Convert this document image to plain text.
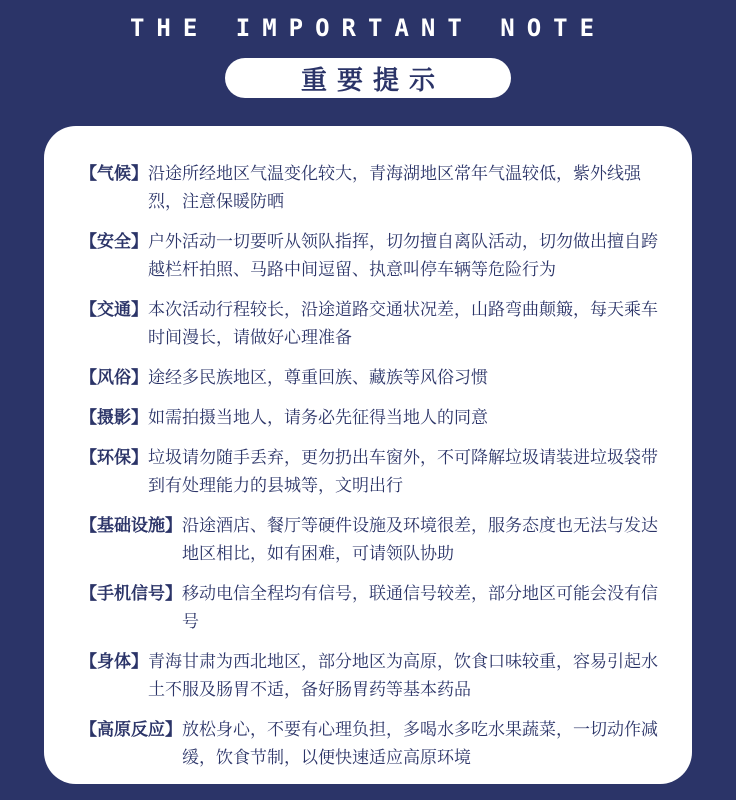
THE IMPORTANT NOTE
重要提示
【气候】 沿途所经地区气温变化较大，青海湖地区常年气温较低，紫外线强烈，注意保暖防晒
【安全】 户外活动一切要听从领队指挥，切勿擅自离队活动，切勿做出擅自跨越栏杆拍照、马路中间逗留、执意叫停车辆等危险行为
【交通】 本次活动行程较长，沿途道路交通状况差，山路弯曲颠簸，每天乘车时间漫长，请做好心理准备
【风俗】 途经多民族地区，尊重回族、藏族等风俗习惯
【摄影】 如需拍摄当地人，请务必先征得当地人的同意
【环保】 垃圾请勿随手丢弃，更勿扔出车窗外，不可降解垃圾请装进垃圾袋带到有处理能力的县城等，文明出行
【基础设施】 沿途酒店、餐厅等硬件设施及环境很差，服务态度也无法与发达地区相比，如有困难，可请领队协助
【手机信号】 移动电信全程均有信号，联通信号较差，部分地区可能会没有信号
【身体】 青海甘肃为西北地区，部分地区为高原，饮食口味较重，容易引起水土不服及肠胃不适，备好肠胃药等基本药品
【高原反应】 放松身心，不要有心理负担，多喝水多吃水果蔬菜，一切动作减缓，饮食节制，以便快速适应高原环境
